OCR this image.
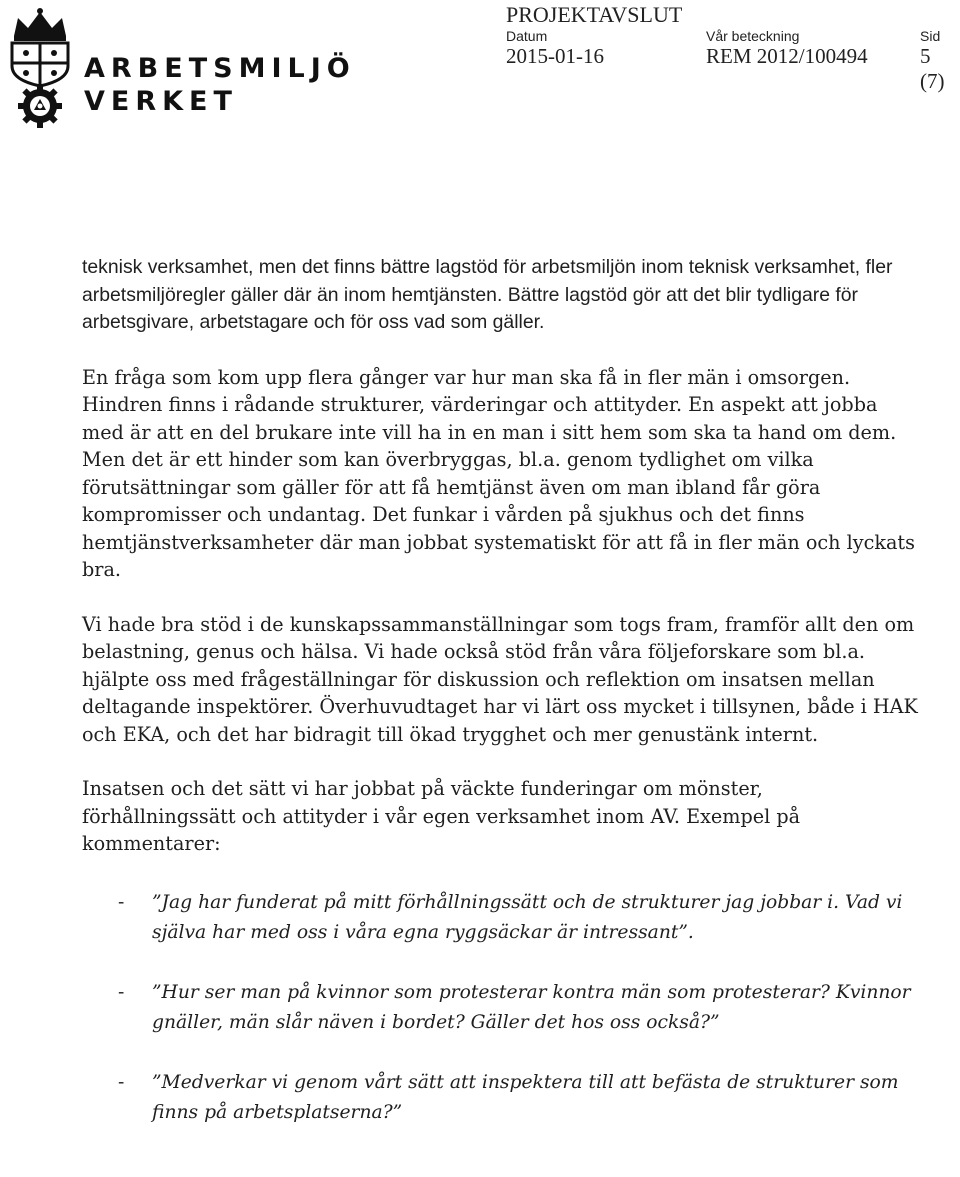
ARBETSMILJÖ
VERKET
PROJEKTAVSLUT
Datum
2015-01-16
Vår beteckning
REM 2012/100494
Sid
5 (7)

teknisk verksamhet, men det finns bättre lagstöd för arbetsmiljön inom teknisk verksamhet, fler arbetsmiljöregler gäller där än inom hemtjänsten. Bättre lagstöd gör att det blir tydligare för arbetsgivare, arbetstagare och för oss vad som gäller.

En fråga som kom upp flera gånger var hur man ska få in fler män i omsorgen. Hindren finns i rådande strukturer, värderingar och attityder. En aspekt att jobba med är att en del brukare inte vill ha in en man i sitt hem som ska ta hand om dem. Men det är ett hinder som kan överbryggas, bl.a. genom tydlighet om vilka förutsättningar som gäller för att få hemtjänst även om man ibland får göra kompromisser och undantag. Det funkar i vården på sjukhus och det finns hemtjänstverksamheter där man jobbat systematiskt för att få in fler män och lyckats bra.

Vi hade bra stöd i de kunskapssammanställningar som togs fram, framför allt den om belastning, genus och hälsa. Vi hade också stöd från våra följeforskare som bl.a. hjälpte oss med frågeställningar för diskussion och reflektion om insatsen mellan deltagande inspektörer. Överhuvudtaget har vi lärt oss mycket i tillsynen, både i HAK och EKA, och det har bidragit till ökad trygghet och mer genustänk internt.

Insatsen och det sätt vi har jobbat på väckte funderingar om mönster, förhållningssätt och attityder i vår egen verksamhet inom AV. Exempel på kommentarer:

- ”Jag har funderat på mitt förhållningssätt och de strukturer jag jobbar i. Vad vi själva har med oss i våra egna ryggsäckar är intressant”.

- ”Hur ser man på kvinnor som protesterar kontra män som protesterar? Kvinnor gnäller, män slår näven i bordet? Gäller det hos oss också?”

- ”Medverkar vi genom vårt sätt att inspektera till att befästa de strukturer som finns på arbetsplatserna?”
